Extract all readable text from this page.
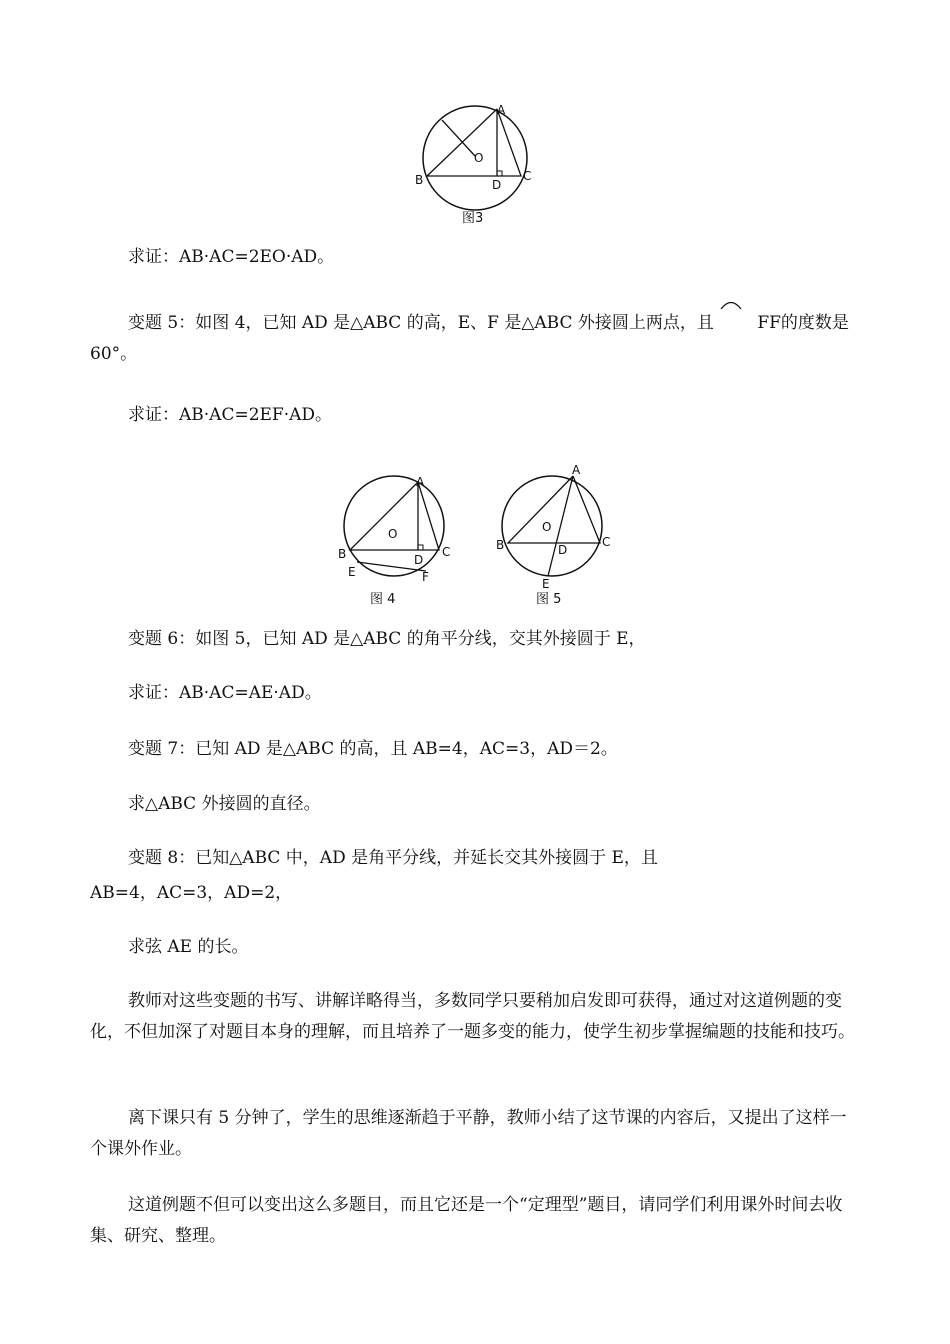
A
B	C
D
O
图3

求证：AB·AC=2EO·AD。

变题 5：如图 4，已知 AD 是△ABC 的高，E、F 是△ABC 外接圆上两点，且
FF的度数是 60°。

求证：AB·AC=2EF·AD。

A
B	C
D
O
E	F
图 4
A
B	C
D
O
E
图 5

变题 6：如图 5，已知 AD 是△ABC 的角平分线，交其外接圆于 E，

求证：AB·AC=AE·AD。

变题 7：已知 AD 是△ABC 的高，且 AB=4，AC=3，AD＝2。

求△ABC 外接圆的直径。

变题 8：已知△ABC 中，AD 是角平分线，并延长交其外接圆于 E，且

AB=4，AC=3，AD=2，

求弦 AE 的长。

教师对这些变题的书写、讲解详略得当，多数同学只要稍加启发即可获得，通过对这道例题的变化，不但加深了对题目本身的理解，而且培养了一题多变的能力，使学生初步掌握编题的技能和技巧。

离下课只有 5 分钟了，学生的思维逐渐趋于平静，教师小结了这节课的内容后，又提出了这样一个课外作业。

这道例题不但可以变出这么多题目，而且它还是一个“定理型”题目，请同学们利用课外时间去收集、研究、整理。
